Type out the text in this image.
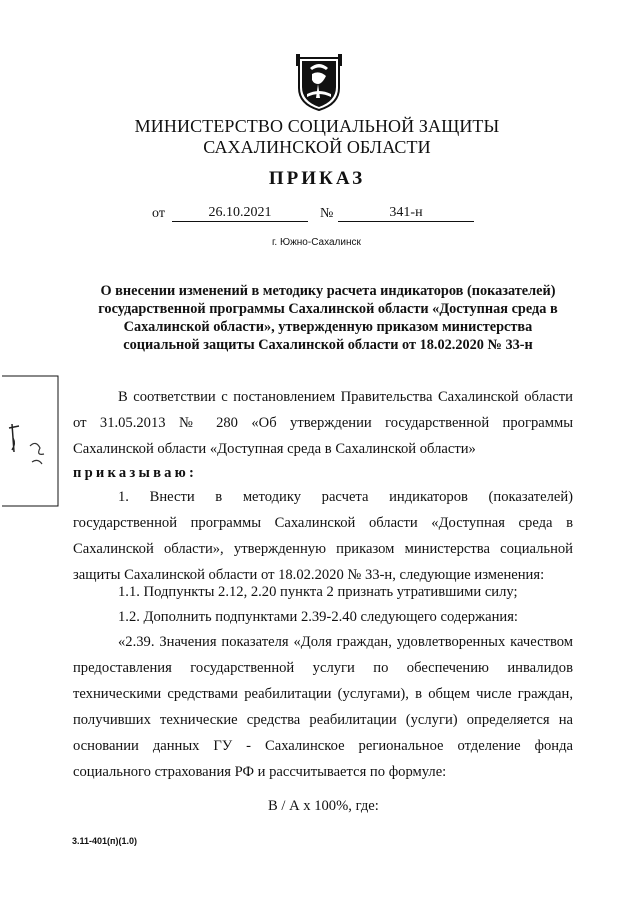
МИНИСТЕРСТВО СОЦИАЛЬНОЙ ЗАЩИТЫ
САХАЛИНСКОЙ ОБЛАСТИ
ПРИКАЗ
от	26.10.2021	№	341-н
г. Южно-Сахалинск
О внесении изменений в методику расчета индикаторов (показателей)
государственной программы Сахалинской области «Доступная среда в
Сахалинской области», утвержденную приказом министерства
социальной защиты Сахалинской области от 18.02.2020 № 33-н
В соответствии с постановлением Правительства Сахалинской области от 31.05.2013 № 280 «Об утверждении государственной программы Сахалинской области «Доступная среда в Сахалинской области»
приказываю:
1. Внести в методику расчета индикаторов (показателей) государственной программы Сахалинской области «Доступная среда в Сахалинской области», утвержденную приказом министерства социальной защиты Сахалинской области от 18.02.2020 № 33-н, следующие изменения:
1.1. Подпункты 2.12, 2.20 пункта 2 признать утратившими силу;
1.2. Дополнить подпунктами 2.39-2.40 следующего содержания:
«2.39. Значения показателя «Доля граждан, удовлетворенных качеством предоставления государственной услуги по обеспечению инвалидов техническими средствами реабилитации (услугами), в общем числе граждан, получивших технические средства реабилитации (услуги) определяется на основании данных ГУ - Сахалинское региональное отделение фонда социального страхования РФ и рассчитывается по формуле:
В / А х 100%, где:
3.11-401(п)(1.0)
